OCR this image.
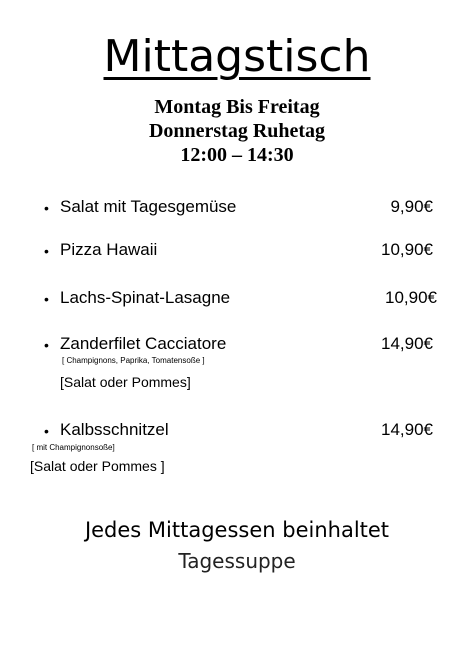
Mittagstisch
Montag Bis Freitag
Donnerstag Ruhetag
12:00 – 14:30
• Salat mit Tagesgemüse	9,90€
• Pizza Hawaii	10,90€
• Lachs-Spinat-Lasagne	10,90€
• Zanderfilet Cacciatore	14,90€
[ Champignons, Paprika, Tomatensoße ]
[Salat oder Pommes]
• Kalbsschnitzel	14,90€
[ mit Champignonsoße]
[Salat oder Pommes ]
Jedes Mittagessen beinhaltet
Tagessuppe
